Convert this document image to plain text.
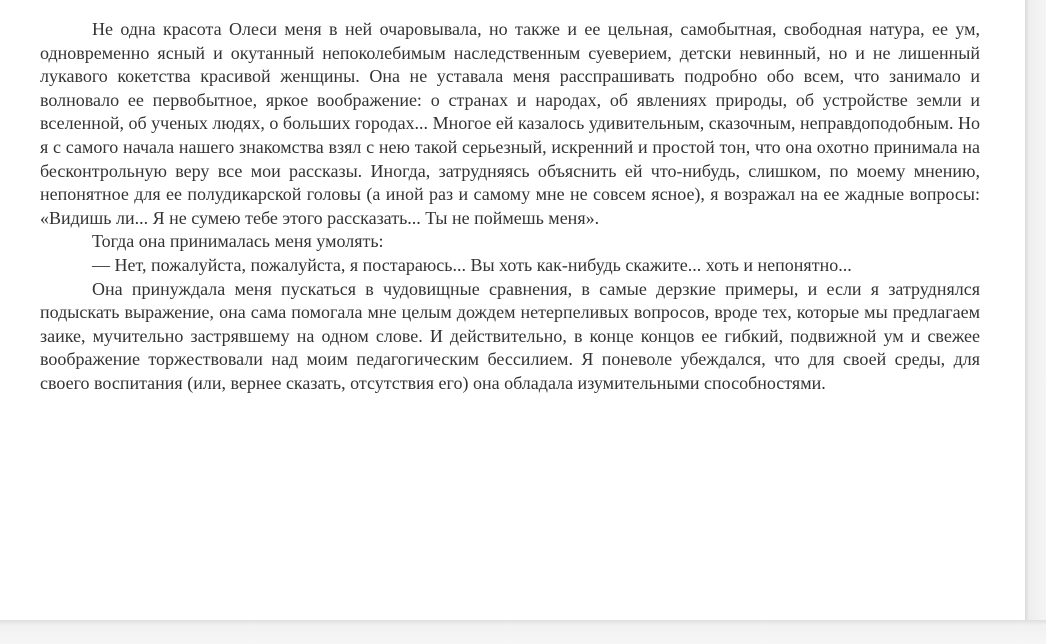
Не одна красота Олеси меня в ней очаровывала, но также и ее цельная, самобытная, свободная натура, ее ум, одновременно ясный и окутанный непоколебимым наследственным суеверием, детски невинный, но и не лишенный лукавого кокетства красивой женщины. Она не уставала меня расспрашивать подробно обо всем, что занимало и волновало ее первобытное, яркое воображение: о странах и народах, об явлениях природы, об устройстве земли и вселенной, об ученых людях, о больших городах... Многое ей казалось удивительным, сказочным, неправдоподобным. Но я с самого начала нашего знакомства взял с нею такой серьезный, искренний и простой тон, что она охотно принимала на бесконтрольную веру все мои рассказы. Иногда, затрудняясь объяснить ей что-нибудь, слишком, по моему мнению, непонятное для ее полудикарской головы (а иной раз и самому мне не совсем ясное), я возражал на ее жадные вопросы: «Видишь ли... Я не сумею тебе этого рассказать... Ты не поймешь меня».

Тогда она принималась меня умолять:

— Нет, пожалуйста, пожалуйста, я постараюсь... Вы хоть как-нибудь скажите... хоть и непонятно...

Она принуждала меня пускаться в чудовищные сравнения, в самые дерзкие примеры, и если я затруднялся подыскать выражение, она сама помогала мне целым дождем нетерпеливых вопросов, вроде тех, которые мы предлагаем заике, мучительно застрявшему на одном слове. И действительно, в конце концов ее гибкий, подвижной ум и свежее воображение торжествовали над моим педагогическим бессилием. Я поневоле убеждался, что для своей среды, для своего воспитания (или, вернее сказать, отсутствия его) она обладала изумительными способностями.
